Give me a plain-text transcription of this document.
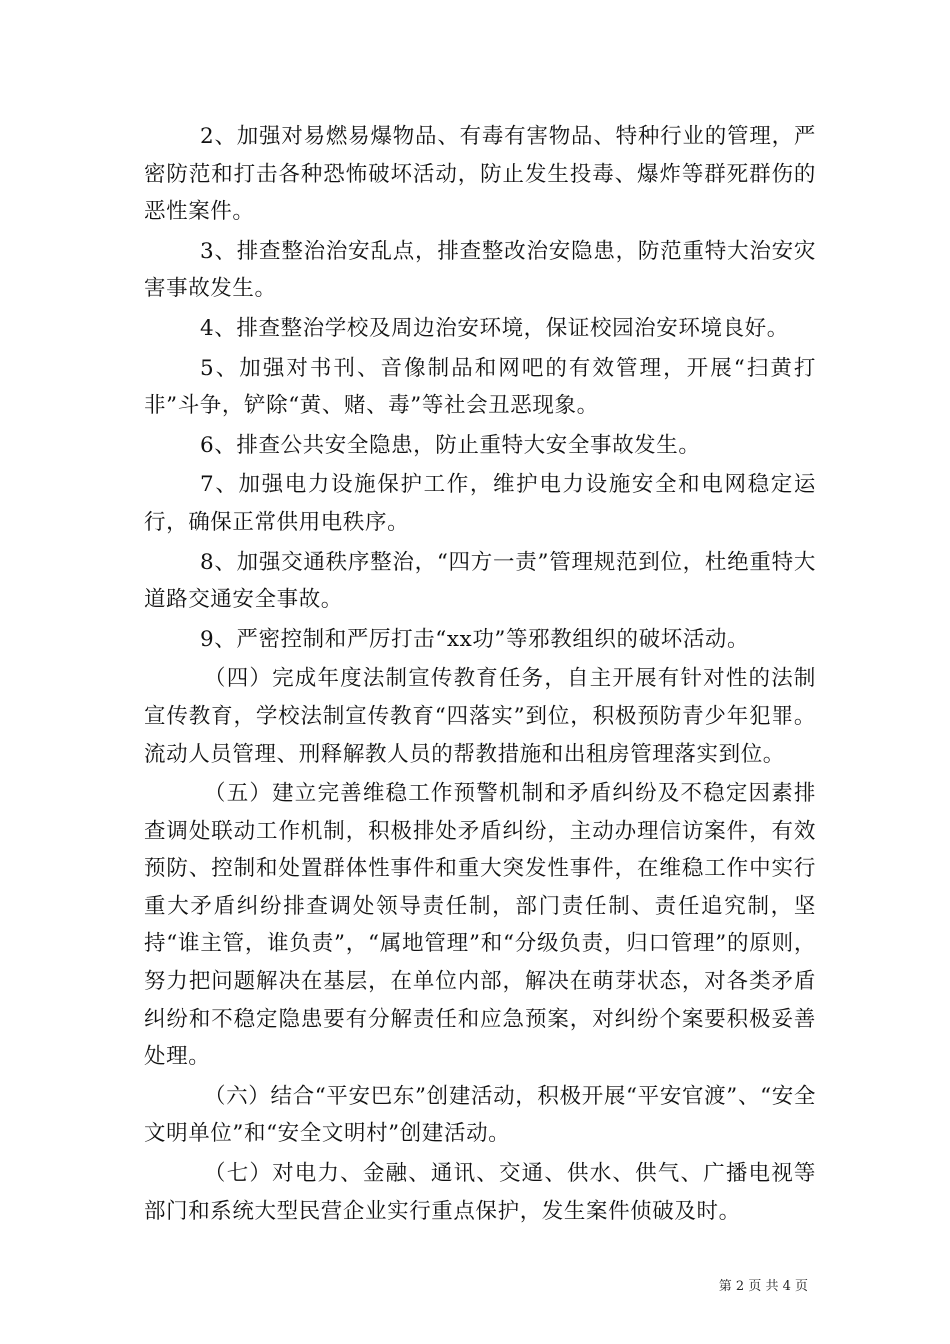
2、加强对易燃易爆物品、有毒有害物品、特种行业的管理，严密防范和打击各种恐怖破坏活动，防止发生投毒、爆炸等群死群伤的恶性案件。

3、排查整治治安乱点，排查整改治安隐患，防范重特大治安灾害事故发生。

4、排查整治学校及周边治安环境，保证校园治安环境良好。

5、加强对书刊、音像制品和网吧的有效管理，开展“扫黄打非”斗争，铲除“黄、赌、毒”等社会丑恶现象。

6、排查公共安全隐患，防止重特大安全事故发生。

7、加强电力设施保护工作，维护电力设施安全和电网稳定运行，确保正常供用电秩序。

8、加强交通秩序整治，“四方一责”管理规范到位，杜绝重特大道路交通安全事故。

9、严密控制和严厉打击“xx功”等邪教组织的破坏活动。

（四）完成年度法制宣传教育任务，自主开展有针对性的法制宣传教育，学校法制宣传教育“四落实”到位，积极预防青少年犯罪。流动人员管理、刑释解教人员的帮教措施和出租房管理落实到位。

（五）建立完善维稳工作预警机制和矛盾纠纷及不稳定因素排查调处联动工作机制，积极排处矛盾纠纷，主动办理信访案件，有效预防、控制和处置群体性事件和重大突发性事件，在维稳工作中实行重大矛盾纠纷排查调处领导责任制，部门责任制、责任追究制，坚持“谁主管，谁负责”，“属地管理”和“分级负责，归口管理”的原则，努力把问题解决在基层，在单位内部，解决在萌芽状态，对各类矛盾纠纷和不稳定隐患要有分解责任和应急预案，对纠纷个案要积极妥善处理。

（六）结合“平安巴东”创建活动，积极开展“平安官渡”、“安全文明单位”和“安全文明村”创建活动。

（七）对电力、金融、通讯、交通、供水、供气、广播电视等部门和系统大型民营企业实行重点保护，发生案件侦破及时。

第 2 页 共 4 页
